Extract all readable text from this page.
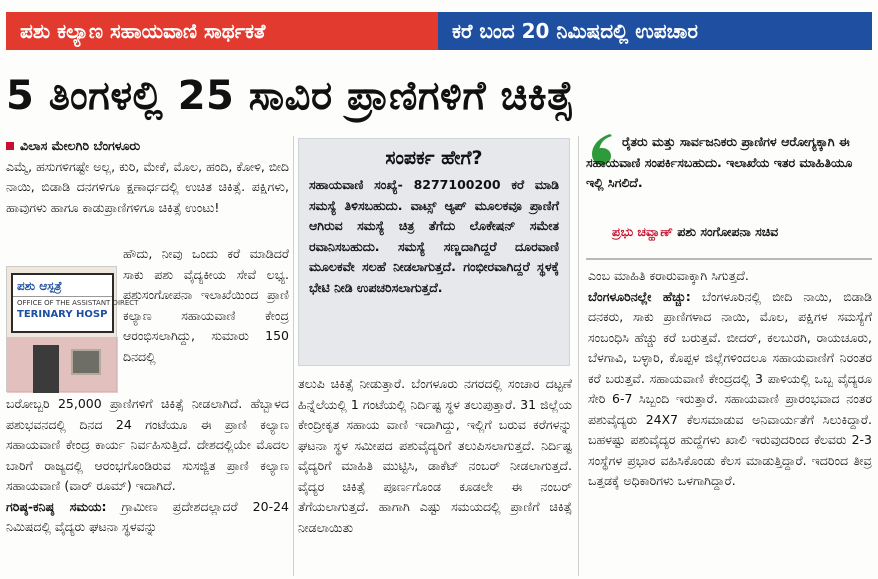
ಪಶು ಕಲ್ಯಾಣ ಸಹಾಯವಾಣಿ ಸಾರ್ಥಕತೆ	ಕರೆ ಬಂದ 20 ನಿಮಿಷದಲ್ಲಿ ಉಪಚಾರ
5 ತಿಂಗಳಲ್ಲಿ 25 ಸಾವಿರ ಪ್ರಾಣಿಗಳಿಗೆ ಚಿಕಿತ್ಸೆ
ವಿಲಾಸ ಮೇಲಗಿರಿ ಬೆಂಗಳೂರು

ಎಮ್ಮೆ, ಹಸುಗಳಿಗಷ್ಟೇ ಅಲ್ಲ, ಕುರಿ, ಮೇಕೆ, ಮೊಲ, ಹಂದಿ, ಕೋಳಿ, ಬೀದಿ ನಾಯಿ, ಬಿಡಾಡಿ ದನಗಳಿಗೂ ಕ್ಷಣಾರ್ಧದಲ್ಲಿ ಉಚಿತ ಚಿಕಿತ್ಸೆ. ಪಕ್ಷಿಗಳು, ಹಾವುಗಳು ಹಾಗೂ ಕಾಡುಪ್ರಾಣಿಗಳಿಗೂ ಚಿಕಿತ್ಸೆ ಉಂಟು!

ಪಶು ಆಸ್ಪತ್ರೆ
OFFICE OF THE ASSISTANT DIRECT
TERINARY HOSP

ಹೌದು, ನೀವು ಒಂದು ಕರೆ ಮಾಡಿದರೆ ಸಾಕು ಪಶು ವೈದ್ಯಕೀಯ ಸೇವೆ ಲಭ್ಯ. ಪಶುಸಂಗೋಪನಾ ಇಲಾಖೆಯಿಂದ ಪ್ರಾಣಿ ಕಲ್ಯಾಣ ಸಹಾಯವಾಣಿ ಕೇಂದ್ರ ಆರಂಭಿಸಲಾಗಿದ್ದು, ಸುಮಾರು 150 ದಿನದಲ್ಲಿ

ಬರೋಬ್ಬರಿ 25,000 ಪ್ರಾಣಿಗಳಿಗೆ ಚಿಕಿತ್ಸೆ ನೀಡಲಾಗಿದೆ. ಹೆಬ್ಬಾಳದ ಪಶುಭವನದಲ್ಲಿ ದಿನದ 24 ಗಂಟೆಯೂ ಈ ಪ್ರಾಣಿ ಕಲ್ಯಾಣ ಸಹಾಯವಾಣಿ ಕೇಂದ್ರ ಕಾರ್ಯ ನಿರ್ವಹಿಸುತ್ತಿದೆ. ದೇಶದಲ್ಲಿಯೇ ಮೊದಲ ಬಾರಿಗೆ ರಾಜ್ಯದಲ್ಲಿ ಆರಂಭಗೊಂಡಿರುವ ಸುಸಜ್ಜಿತ ಪ್ರಾಣಿ ಕಲ್ಯಾಣ ಸಹಾಯವಾಣಿ (ವಾರ್ ರೂಮ್) ಇದಾಗಿದೆ.

ಗರಿಷ್ಠ-ಕನಿಷ್ಠ ಸಮಯ: ಗ್ರಾಮೀಣ ಪ್ರದೇಶದಲ್ಲಾದರೆ 20-24 ನಿಮಿಷದಲ್ಲಿ ವೈದ್ಯರು ಘಟನಾ ಸ್ಥಳವನ್ನು

ಸಂಪರ್ಕ ಹೇಗೆ?
ಸಹಾಯವಾಣಿ ಸಂಖ್ಯೆ- 8277100200 ಕರೆ ಮಾಡಿ ಸಮಸ್ಯೆ ತಿಳಿಸಬಹುದು. ವಾಟ್ಸ್ ಆ್ಯಪ್ ಮೂಲಕವೂ ಪ್ರಾಣಿಗೆ ಆಗಿರುವ ಸಮಸ್ಯೆ ಚಿತ್ರ ತೆಗೆದು ಲೊಕೇಷನ್ ಸಮೇತ ರವಾನಿಸಬಹುದು. ಸಮಸ್ಯೆ ಸಣ್ಣದಾಗಿದ್ದರೆ ದೂರವಾಣಿ ಮೂಲಕವೇ ಸಲಹೆ ನೀಡಲಾಗುತ್ತದೆ. ಗಂಭೀರವಾಗಿದ್ದರೆ ಸ್ಥಳಕ್ಕೆ ಭೇಟಿ ನೀಡಿ ಉಪಚರಿಸಲಾಗುತ್ತದೆ.

ತಲುಪಿ ಚಿಕಿತ್ಸೆ ನೀಡುತ್ತಾರೆ. ಬೆಂಗಳೂರು ನಗರದಲ್ಲಿ ಸಂಚಾರ ದಟ್ಟಣೆ ಹಿನ್ನೆಲೆಯಲ್ಲಿ 1 ಗಂಟೆಯಲ್ಲಿ ನಿರ್ದಿಷ್ಟ ಸ್ಥಳ ತಲುಪುತ್ತಾರೆ. 31 ಜಿಲ್ಲೆಯ ಕೇಂದ್ರೀಕೃತ ಸಹಾಯ ವಾಣಿ ಇದಾಗಿದ್ದು, ಇಲ್ಲಿಗೆ ಬರುವ ಕರೆಗಳನ್ನು ಘಟನಾ ಸ್ಥಳ ಸಮೀಪದ ಪಶುವೈದ್ಯರಿಗೆ ತಲುಪಿಸಲಾಗುತ್ತದೆ. ನಿರ್ದಿಷ್ಟ ವೈದ್ಯರಿಗೆ ಮಾಹಿತಿ ಮುಟ್ಟಿಸಿ, ಡಾಕೆಟ್ ನಂಬರ್ ನೀಡಲಾಗುತ್ತದೆ. ವೈದ್ಯರ ಚಿಕಿತ್ಸೆ ಪೂರ್ಣಗೊಂಡ ಕೂಡಲೇ ಈ ನಂಬರ್ ತೆಗೆಯಲಾಗುತ್ತದೆ. ಹಾಗಾಗಿ ಎಷ್ಟು ಸಮಯದಲ್ಲಿ ಪ್ರಾಣಿಗೆ ಚಿಕಿತ್ಸೆ ನೀಡಲಾಯಿತು

ರೈತರು ಮತ್ತು ಸಾರ್ವಜನಿಕರು ಪ್ರಾಣಿಗಳ ಆರೋಗ್ಯಕ್ಕಾಗಿ ಈ ಸಹಾಯವಾಣಿ ಸಂಪರ್ಕಿಸಬಹುದು. ಇಲಾಖೆಯ ಇತರ ಮಾಹಿತಿಯೂ ಇಲ್ಲಿ ಸಿಗಲಿದೆ.
ಪ್ರಭು ಚವ್ಹಾಣ್ ಪಶು ಸಂಗೋಪನಾ ಸಚಿವ

ಎಂಬ ಮಾಹಿತಿ ಕರಾರುವಾಕ್ಕಾಗಿ ಸಿಗುತ್ತದೆ.

ಬೆಂಗಳೂರಿನಲ್ಲೇ ಹೆಚ್ಚು: ಬೆಂಗಳೂರಿನಲ್ಲಿ ಬೀದಿ ನಾಯಿ, ಬಿಡಾಡಿ ದನಕರು, ಸಾಕು ಪ್ರಾಣಿಗಳಾದ ನಾಯಿ, ಮೊಲ, ಪಕ್ಷಿಗಳ ಸಮಸ್ಯೆಗೆ ಸಂಬಂಧಿಸಿ ಹೆಚ್ಚು ಕರೆ ಬರುತ್ತವೆ. ಬೀದರ್, ಕಲಬುರಗಿ, ರಾಯಚೂರು, ಬೆಳಗಾವಿ, ಬಳ್ಳಾರಿ, ಕೊಪ್ಪಳ ಜಿಲ್ಲೆಗಳಿಂದಲೂ ಸಹಾಯವಾಣಿಗೆ ನಿರಂತರ ಕರೆ ಬರುತ್ತವೆ. ಸಹಾಯವಾಣಿ ಕೇಂದ್ರದಲ್ಲಿ 3 ಪಾಳಿಯಲ್ಲಿ ಒಬ್ಬ ವೈದ್ಯರೂ ಸೇರಿ 6-7 ಸಿಬ್ಬಂದಿ ಇರುತ್ತಾರೆ. ಸಹಾಯವಾಣಿ ಪ್ರಾರಂಭವಾದ ನಂತರ ಪಶುವೈದ್ಯರು 24X7 ಕೆಲಸಮಾಡುವ ಅನಿವಾರ್ಯತೆಗೆ ಸಿಲುಕಿದ್ದಾರೆ. ಬಹಳಷ್ಟು ಪಶುವೈದ್ಯರ ಹುದ್ದೆಗಳು ಖಾಲಿ ಇರುವುದರಿಂದ ಕೆಲವರು 2-3 ಸಂಸ್ಥೆಗಳ ಪ್ರಭಾರ ವಹಿಸಿಕೊಂಡು ಕೆಲಸ ಮಾಡುತ್ತಿದ್ದಾರೆ. ಇದರಿಂದ ತೀವ್ರ ಒತ್ತಡಕ್ಕೆ ಅಧಿಕಾರಿಗಳು ಒಳಗಾಗಿದ್ದಾರೆ.
